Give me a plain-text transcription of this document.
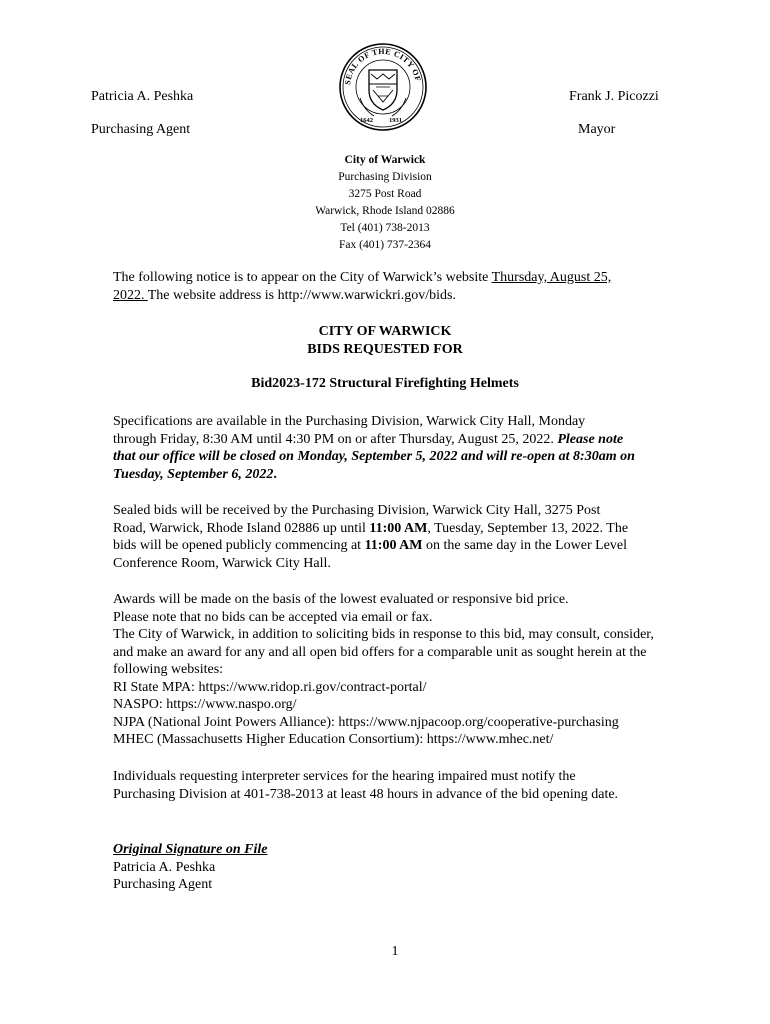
Patricia A. Peshka
Purchasing Agent
Frank J. Picozzi
Mayor
SEAL OF THE CITY OF
1642 1931
City of Warwick
Purchasing Division
3275 Post Road
Warwick, Rhode Island 02886
Tel (401) 738-2013
Fax (401) 737-2364
The following notice is to appear on the City of Warwick’s website Thursday, August 25,
2022. The website address is http://www.warwickri.gov/bids.
CITY OF WARWICK
BIDS REQUESTED FOR
Bid2023-172 Structural Firefighting Helmets
Specifications are available in the Purchasing Division, Warwick City Hall, Monday
through Friday, 8:30 AM until 4:30 PM on or after Thursday, August 25, 2022. Please note
that our office will be closed on Monday, September 5, 2022 and will re-open at 8:30am on
Tuesday, September 6, 2022.
Sealed bids will be received by the Purchasing Division, Warwick City Hall, 3275 Post
Road, Warwick, Rhode Island 02886 up until 11:00 AM, Tuesday, September 13, 2022. The
bids will be opened publicly commencing at 11:00 AM on the same day in the Lower Level
Conference Room, Warwick City Hall.
Awards will be made on the basis of the lowest evaluated or responsive bid price.
Please note that no bids can be accepted via email or fax.
The City of Warwick, in addition to soliciting bids in response to this bid, may consult, consider,
and make an award for any and all open bid offers for a comparable unit as sought herein at the
following websites:
RI State MPA: https://www.ridop.ri.gov/contract-portal/
NASPO: https://www.naspo.org/
NJPA (National Joint Powers Alliance): https://www.njpacoop.org/cooperative-purchasing
MHEC (Massachusetts Higher Education Consortium): https://www.mhec.net/
Individuals requesting interpreter services for the hearing impaired must notify the
Purchasing Division at 401-738-2013 at least 48 hours in advance of the bid opening date.
Original Signature on File
Patricia A. Peshka
Purchasing Agent
1
